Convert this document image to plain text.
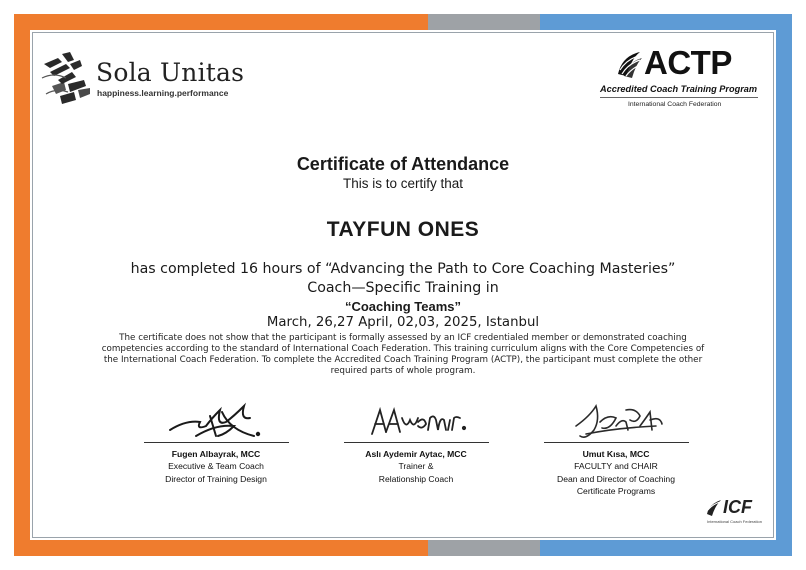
Sola Unitas
happiness.learning.performance
ACTP
Accredited Coach Training Program
International Coach Federation
Certificate of Attendance
This is to certify that
TAYFUN ONES
has completed 16 hours of “Advancing the Path to Core Coaching Masteries”
Coach—Specific Training in
“Coaching Teams”
March, 26,27 April, 02,03, 2025, Istanbul
The certificate does not show that the participant is formally assessed by an ICF credentialed member or demonstrated coaching competencies according to the standard of International Coach Federation. This training curriculum aligns with the Core Competencies of the International Coach Federation. To complete the Accredited Coach Training Program (ACTP), the participant must complete the other required parts of whole program.
Fugen Albayrak, MCC
Executive & Team Coach
Director of Training Design
Aslı Aydemir Aytac, MCC
Trainer &
Relationship Coach
Umut Kısa, MCC
FACULTY and CHAIR
Dean and Director of Coaching
Certificate Programs
ICF
International Coach Federation
